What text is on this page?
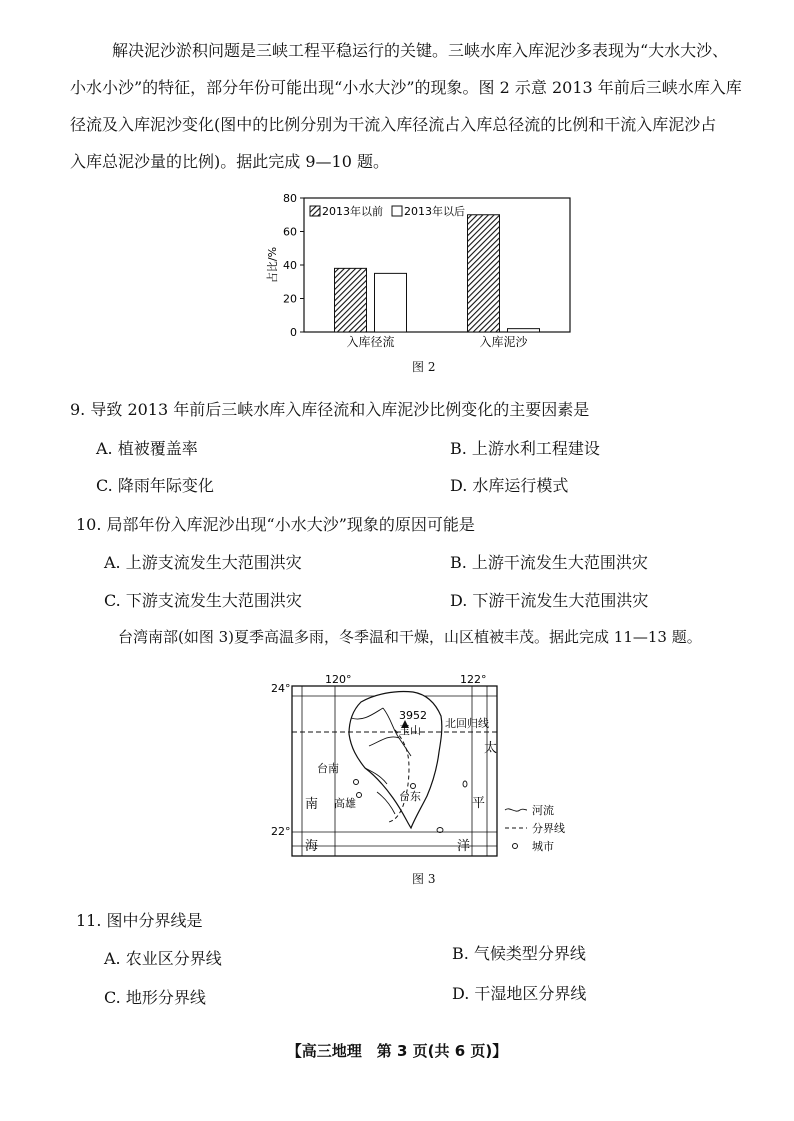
解决泥沙淤积问题是三峡工程平稳运行的关键。三峡水库入库泥沙多表现为“大水大沙、
小水小沙”的特征，部分年份可能出现“小水大沙”的现象。图 2 示意 2013 年前后三峡水库入库
径流及入库泥沙变化(图中的比例分别为干流入库径流占入库总径流的比例和干流入库泥沙占
入库总泥沙量的比例)。据此完成 9—10 题。
0
20
40
60
80
占比/%
入库径流	入库泥沙
2013年以前 2013年以后
图 2
9. 导致 2013 年前后三峡水库入库径流和入库泥沙比例变化的主要因素是
A. 植被覆盖率	B. 上游水利工程建设
C. 降雨年际变化	D. 水库运行模式
10. 局部年份入库泥沙出现“小水大沙”现象的原因可能是
A. 上游支流发生大范围洪灾	B. 上游干流发生大范围洪灾
C. 下游支流发生大范围洪灾	D. 下游干流发生大范围洪灾
台湾南部(如图 3)夏季高温多雨，冬季温和干燥，山区植被丰茂。据此完成 11—13 题。
3952
玉山
北回归线
台南
高雄
台东
南
海
太
平
洋
24°
22°
120°	122°
河流
分界线
城市
图 3
11. 图中分界线是
A. 农业区分界线	B. 气候类型分界线
C. 地形分界线	D. 干湿地区分界线
【高三地理　第 3 页(共 6 页)】
